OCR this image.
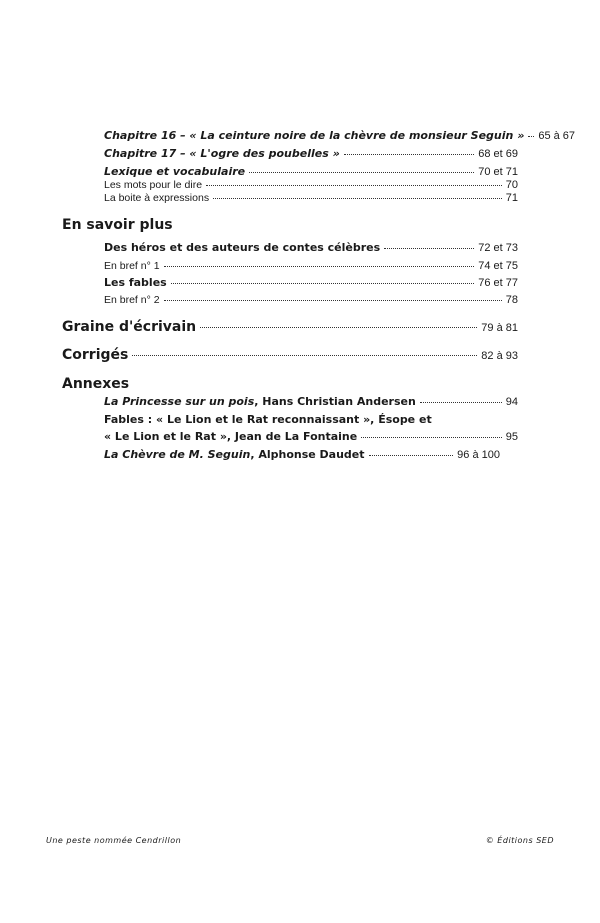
Chapitre 16 – « La ceinture noire de la chèvre de monsieur Seguin » 65 à 67
Chapitre 17 – « L'ogre des poubelles »	68 et 69
Lexique et vocabulaire	70 et 71
Les mots pour le dire	70
La boite à expressions	71
En savoir plus
Des héros et des auteurs de contes célèbres	72 et 73
En bref n° 1	74 et 75
Les fables	76 et 77
En bref n° 2	78
Graine d'écrivain	79 à 81
Corrigés	82 à 93
Annexes
La Princesse sur un pois, Hans Christian Andersen	94
Fables : « Le Lion et le Rat reconnaissant », Ésope et
« Le Lion et le Rat », Jean de La Fontaine	95
La Chèvre de M. Seguin, Alphonse Daudet	96 à 100
Une peste nommée Cendrillon	© Éditions SED
